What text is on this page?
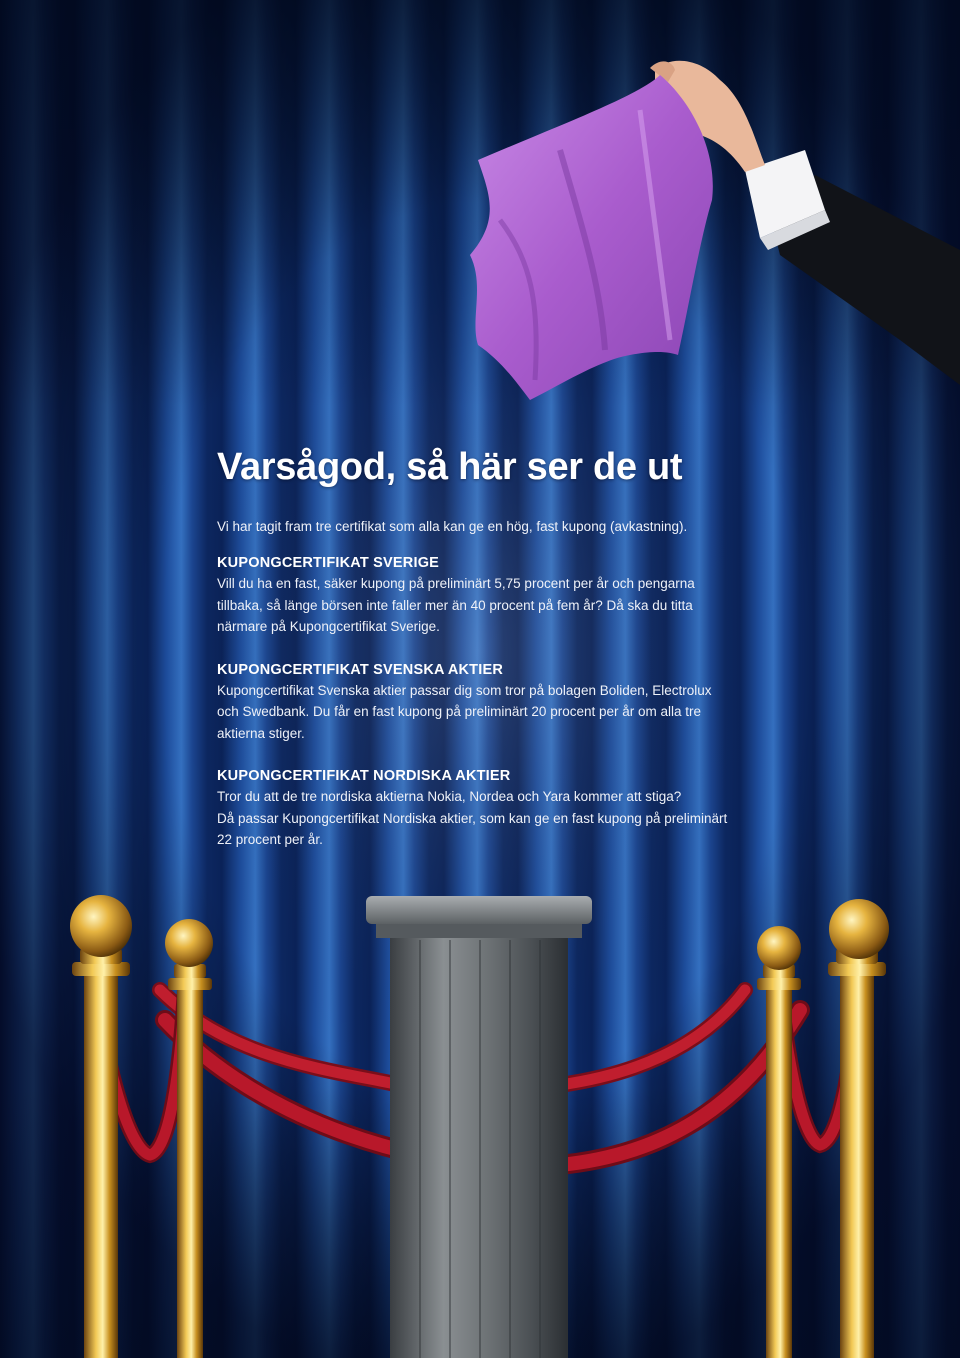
Varsågod, så här ser de ut

Vi har tagit fram tre certifikat som alla kan ge en hög, fast kupong (avkastning).

KUPONGCERTIFIKAT SVERIGE

Vill du ha en fast, säker kupong på preliminärt 5,75 procent per år och pengarna
tillbaka, så länge börsen inte faller mer än 40 procent på fem år? Då ska du titta
närmare på Kupongcertifikat Sverige.

KUPONGCERTIFIKAT SVENSKA AKTIER

Kupongcertifikat Svenska aktier passar dig som tror på bolagen Boliden, Electrolux
och Swedbank. Du får en fast kupong på preliminärt 20 procent per år om alla tre
aktierna stiger.

KUPONGCERTIFIKAT NORDISKA AKTIER

Tror du att de tre nordiska aktierna Nokia, Nordea och Yara kommer att stiga?
Då passar Kupongcertifikat Nordiska aktier, som kan ge en fast kupong på preliminärt
22 procent per år.
